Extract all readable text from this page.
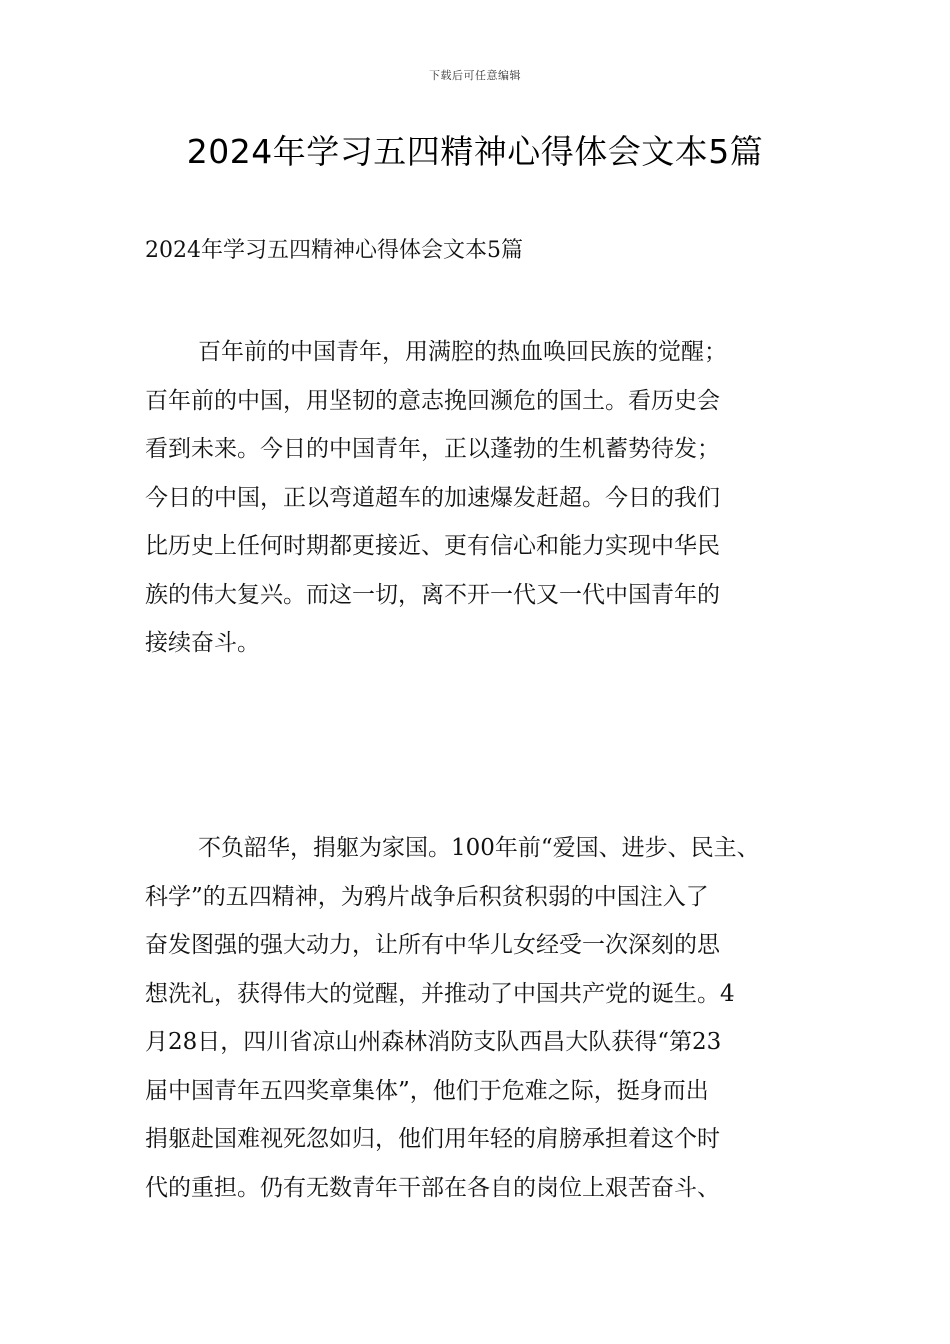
下载后可任意编辑
2024年学习五四精神心得体会文本5篇
2024年学习五四精神心得体会文本5篇

百年前的中国青年，用满腔的热血唤回民族的觉醒；
百年前的中国，用坚韧的意志挽回濒危的国土。看历史会
看到未来。今日的中国青年，正以蓬勃的生机蓄势待发；
今日的中国，正以弯道超车的加速爆发赶超。今日的我们
比历史上任何时期都更接近、更有信心和能力实现中华民
族的伟大复兴。而这一切，离不开一代又一代中国青年的
接续奋斗。

不负韶华，捐躯为家国。100年前“爱国、进步、民主、
科学”的五四精神，为鸦片战争后积贫积弱的中国注入了
奋发图强的强大动力，让所有中华儿女经受一次深刻的思
想洗礼，获得伟大的觉醒，并推动了中国共产党的诞生。4
月28日，四川省凉山州森林消防支队西昌大队获得“第23
届中国青年五四奖章集体”，他们于危难之际，挺身而出
捐躯赴国难视死忽如归，他们用年轻的肩膀承担着这个时
代的重担。仍有无数青年干部在各自的岗位上艰苦奋斗、
